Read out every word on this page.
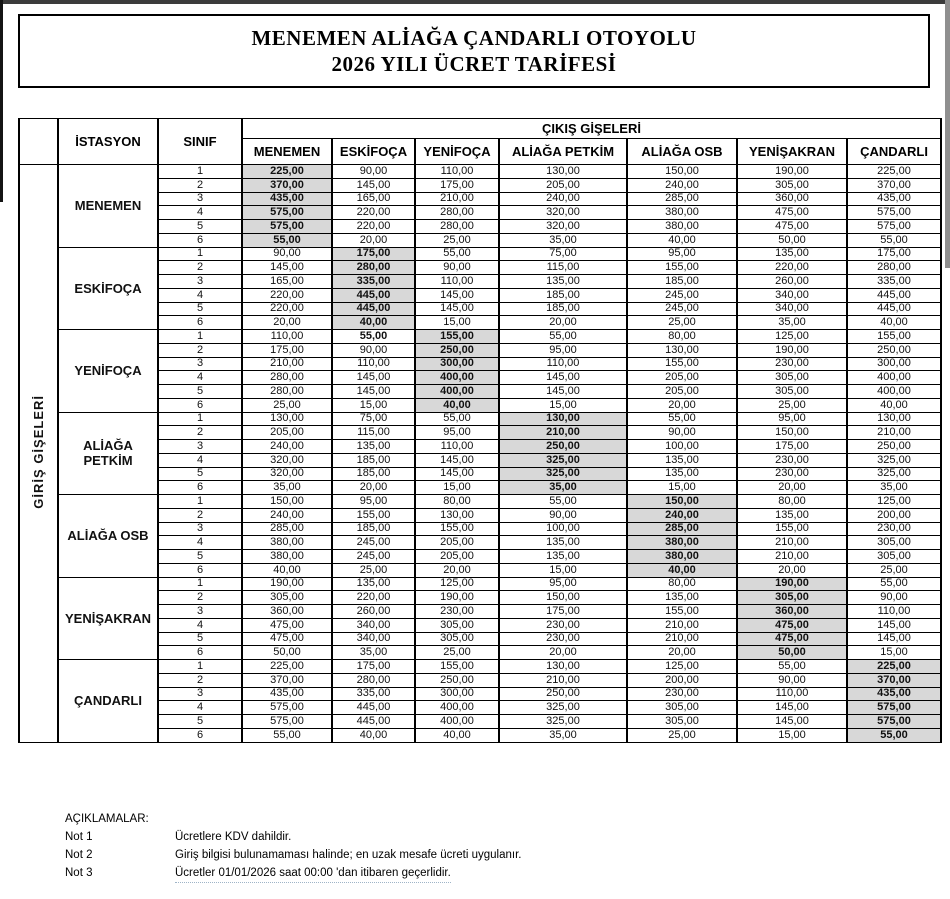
MENEMEN ALİAĞA ÇANDARLI OTOYOLU
2026 YILI ÜCRET TARİFESİ
	İSTASYON	SINIF	ÇIKIŞ GİŞELERİ						
			MENEMEN	ESKİFOÇA	YENİFOÇA	ALİAĞA PETKİM	ALİAĞA OSB	YENİŞAKRAN	ÇANDARLI
GİRİŞ GİŞELERİ	MENEMEN	1	225,00	90,00	110,00	130,00	150,00	190,00	225,00
		2	370,00	145,00	175,00	205,00	240,00	305,00	370,00
		3	435,00	165,00	210,00	240,00	285,00	360,00	435,00
		4	575,00	220,00	280,00	320,00	380,00	475,00	575,00
		5	575,00	220,00	280,00	320,00	380,00	475,00	575,00
		6	55,00	20,00	25,00	35,00	40,00	50,00	55,00
	ESKİFOÇA	1	90,00	175,00	55,00	75,00	95,00	135,00	175,00
		2	145,00	280,00	90,00	115,00	155,00	220,00	280,00
		3	165,00	335,00	110,00	135,00	185,00	260,00	335,00
		4	220,00	445,00	145,00	185,00	245,00	340,00	445,00
		5	220,00	445,00	145,00	185,00	245,00	340,00	445,00
		6	20,00	40,00	15,00	20,00	25,00	35,00	40,00
	YENİFOÇA	1	110,00	55,00	155,00	55,00	80,00	125,00	155,00
		2	175,00	90,00	250,00	95,00	130,00	190,00	250,00
		3	210,00	110,00	300,00	110,00	155,00	230,00	300,00
		4	280,00	145,00	400,00	145,00	205,00	305,00	400,00
		5	280,00	145,00	400,00	145,00	205,00	305,00	400,00
		6	25,00	15,00	40,00	15,00	20,00	25,00	40,00
	ALİAĞA PETKİM	1	130,00	75,00	55,00	130,00	55,00	95,00	130,00
		2	205,00	115,00	95,00	210,00	90,00	150,00	210,00
		3	240,00	135,00	110,00	250,00	100,00	175,00	250,00
		4	320,00	185,00	145,00	325,00	135,00	230,00	325,00
		5	320,00	185,00	145,00	325,00	135,00	230,00	325,00
		6	35,00	20,00	15,00	35,00	15,00	20,00	35,00
	ALİAĞA OSB	1	150,00	95,00	80,00	55,00	150,00	80,00	125,00
		2	240,00	155,00	130,00	90,00	240,00	135,00	200,00
		3	285,00	185,00	155,00	100,00	285,00	155,00	230,00
		4	380,00	245,00	205,00	135,00	380,00	210,00	305,00
		5	380,00	245,00	205,00	135,00	380,00	210,00	305,00
		6	40,00	25,00	20,00	15,00	40,00	20,00	25,00
	YENİŞAKRAN	1	190,00	135,00	125,00	95,00	80,00	190,00	55,00
		2	305,00	220,00	190,00	150,00	135,00	305,00	90,00
		3	360,00	260,00	230,00	175,00	155,00	360,00	110,00
		4	475,00	340,00	305,00	230,00	210,00	475,00	145,00
		5	475,00	340,00	305,00	230,00	210,00	475,00	145,00
		6	50,00	35,00	25,00	20,00	20,00	50,00	15,00
	ÇANDARLI	1	225,00	175,00	155,00	130,00	125,00	55,00	225,00
		2	370,00	280,00	250,00	210,00	200,00	90,00	370,00
		3	435,00	335,00	300,00	250,00	230,00	110,00	435,00
		4	575,00	445,00	400,00	325,00	305,00	145,00	575,00
		5	575,00	445,00	400,00	325,00	305,00	145,00	575,00
		6	55,00	40,00	40,00	35,00	25,00	15,00	55,00
AÇIKLAMALAR:
Not 1	Ücretlere KDV dahildir.
Not 2	Giriş bilgisi bulunamaması halinde; en uzak mesafe ücreti uygulanır.
Not 3	Ücretler 01/01/2026 saat 00:00 'dan itibaren geçerlidir.
